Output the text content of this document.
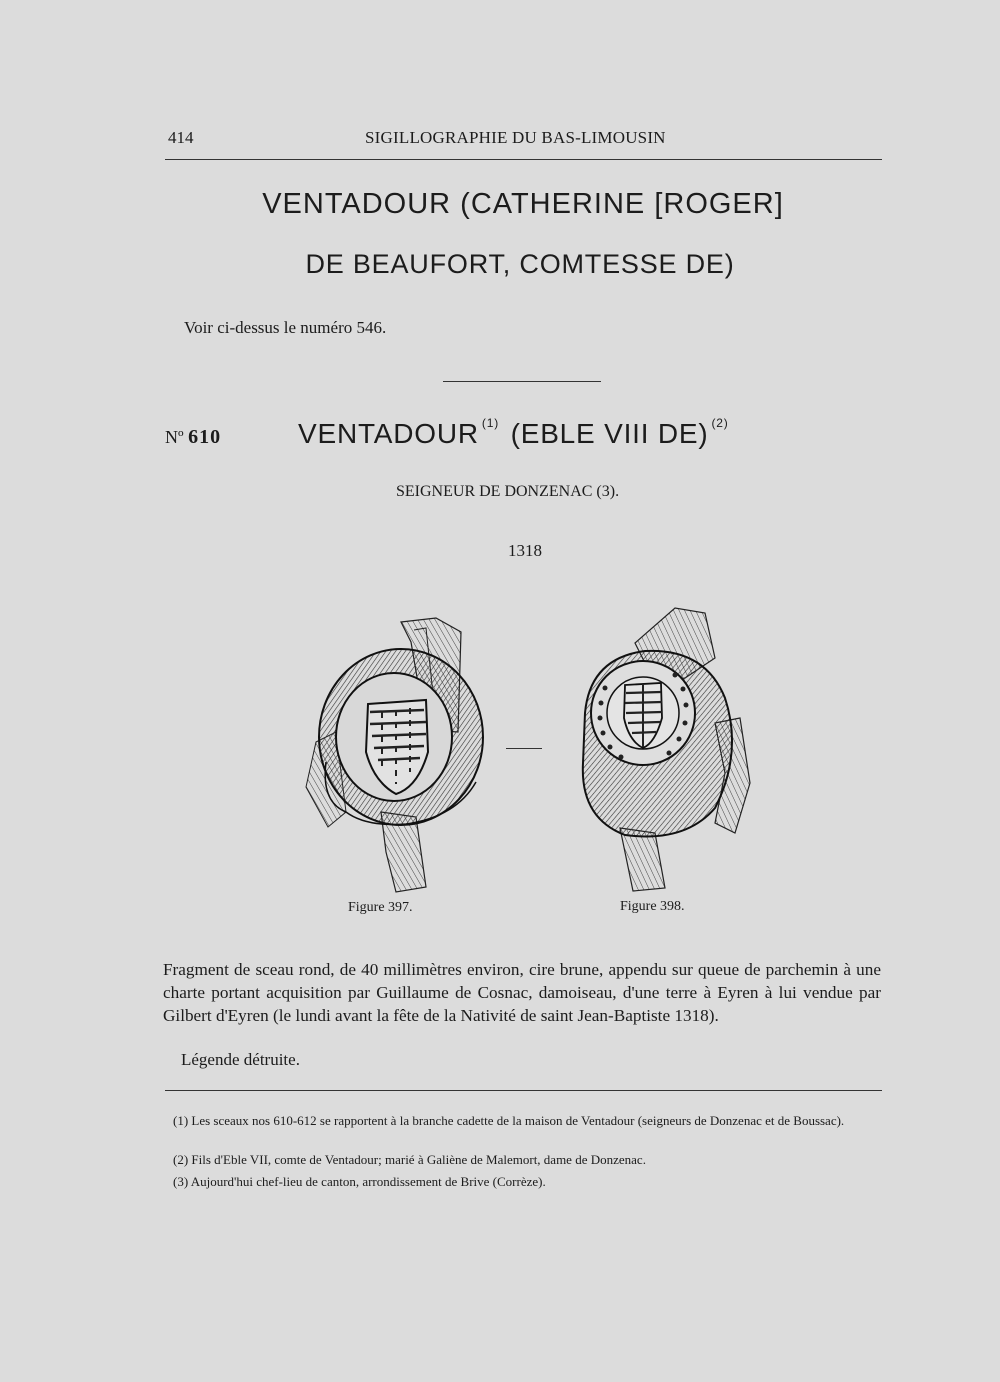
414	SIGILLOGRAPHIE DU BAS-LIMOUSIN
VENTADOUR (CATHERINE [ROGER]
DE BEAUFORT, COMTESSE DE)
Voir ci-dessus le numéro 546.
Nº 610	VENTADOUR $^{(1)}$ (EBLE VIII DE) $^{(2)}$
SEIGNEUR DE DONZENAC (3).
1318
Figure 397.	Figure 398.
Fragment de sceau rond, de 40 millimètres environ, cire brune, appendu sur queue de parchemin à une charte portant acquisition par Guillaume de Cosnac, damoiseau, d'une terre à Eyren à lui vendue par Gilbert d'Eyren (le lundi avant la fête de la Nativité de saint Jean-Baptiste 1318).
Légende détruite.
(1) Les sceaux nos 610-612 se rapportent à la branche cadette de la maison de Ventadour (seigneurs de Donzenac et de Boussac).
(2) Fils d'Eble VII, comte de Ventadour; marié à Galiène de Malemort, dame de Donzenac.
(3) Aujourd'hui chef-lieu de canton, arrondissement de Brive (Corrèze).
